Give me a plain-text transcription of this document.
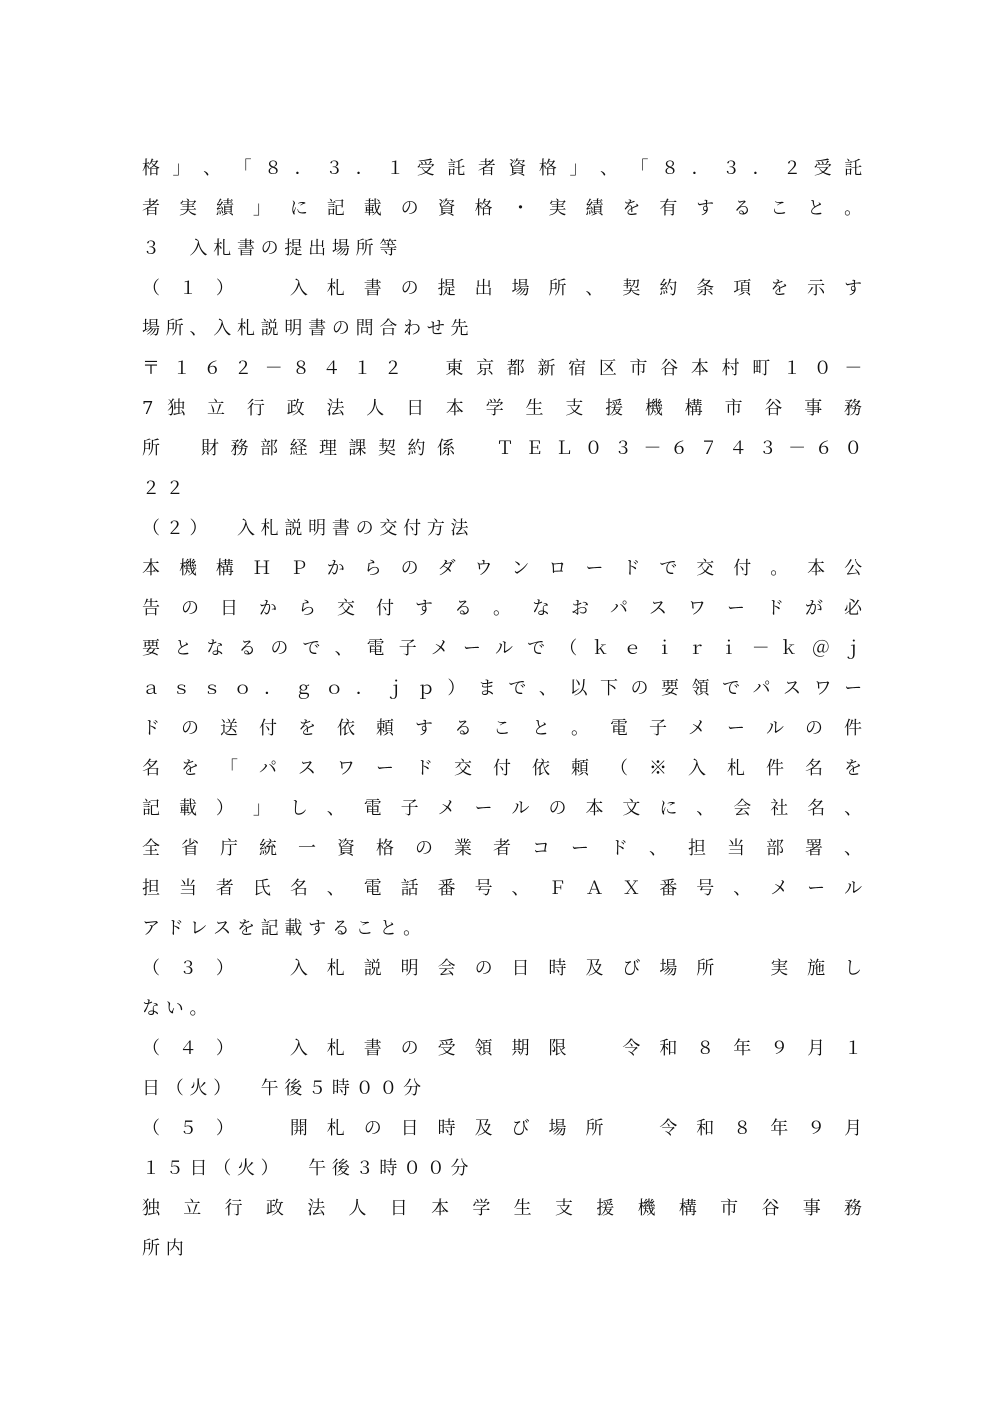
格 」 、 「 ８ ． ３ ． １ 受 託 者 資 格 」 、 「 ８ ． ３ ． ２ 受 託
者 実 績 」 に 記 載 の 資 格 ・ 実 績 を 有 す る こ と 。
３ 　 入 札 書 の 提 出 場 所 等
（ １ ） 　	入 札 書 の 提 出 場 所 、 契 約 条 項 を 示 す
場 所 、 入 札 説 明 書 の 問 合 わ せ 先
〒 １ ６ ２ － ８ ４ １ ２ 　 東 京 都 新 宿 区 市 谷 本 村 町 １ ０ －
7 独 立 行 政 法 人 日 本 学 生 支 援 機 構 市 谷 事 務
所 　 財 務 部 経 理 課 契 約 係 　 Ｔ Ｅ Ｌ ０ ３ － ６ ７ ４ ３ － ６ ０
２ ２
（ ２ ） 　 入 札 説 明 書 の 交 付 方 法
本 機 構 Ｈ Ｐ か ら の ダ ウ ン ロ ー ド で 交 付 。 本 公
告 の 日 か ら 交 付 す る 。 な お パ ス ワ ー ド が 必
要 と な る の で 、 電 子 メ ー ル で （ ｋ ｅ ｉ ｒ ｉ － ｋ ＠ ｊ
ａ ｓ ｓ ｏ ． ｇ ｏ ． ｊ ｐ ） ま で 、 以 下 の 要 領 で パ ス ワ ー
ド の 送 付 を 依 頼 す る こ と 。 電 子 メ ー ル の 件
名 を 「 パ ス ワ ー ド 交 付 依 頼 （ ※ 入 札 件 名 を
記 載 ） 」 し 、 電 子 メ ー ル の 本 文 に 、 会 社 名 、
全 省 庁 統 一 資 格 の 業 者 コ ー ド 、 担 当 部 署 、
担 当 者 氏 名 、 電 話 番 号 、 Ｆ Ａ Ｘ 番 号 、 メ ー ル
ア ド レ ス を 記 載 す る こ と 。
（ ３ ） 　	入 札 説 明 会 の 日 時 及 び 場 所 　	実 施 し
な い 。
（ ４ ） 　	入 札 書 の 受 領 期 限 　	令 和 ８ 年 ９ 月 １
日 （ 火 ） 　 午 後 ５ 時 ０ ０ 分
（ ５ ） 　	開 札 の 日 時 及 び 場 所 　	令 和 ８ 年 ９ 月
１ ５ 日 （ 火 ） 　 午 後 ３ 時 ０ ０ 分
独 立 行 政 法 人 日 本 学 生 支 援 機 構 市 谷 事 務
所 内
